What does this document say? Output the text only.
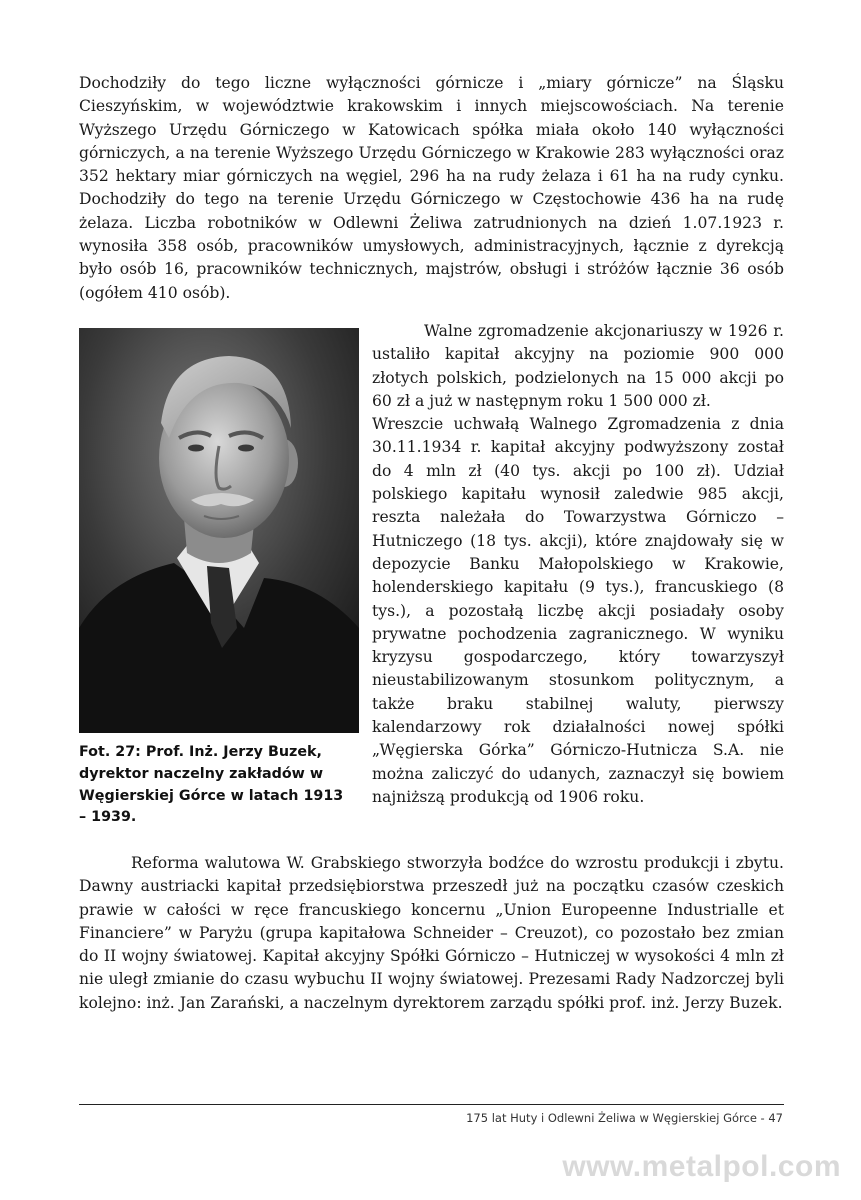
Dochodziły do tego liczne wyłączności górnicze i „miary górnicze” na Śląsku Cieszyńskim, w województwie krakowskim i innych miejscowościach. Na terenie Wyższego Urzędu Górniczego w Katowicach spółka miała około 140 wyłączności górniczych, a na terenie Wyższego Urzędu Górniczego w Krakowie 283 wyłączności oraz 352 hektary miar górniczych na węgiel, 296 ha na rudy żelaza i 61 ha na rudy cynku. Dochodziły do tego na terenie Urzędu Górniczego w Częstochowie 436 ha na rudę żelaza. Liczba robotników w Odlewni Żeliwa zatrudnionych na dzień 1.07.1923 r. wynosiła 358 osób, pracowników umysłowych, administracyjnych, łącznie z dyrekcją było osób 16, pracowników technicznych, majstrów, obsługi i stróżów łącznie 36 osób (ogółem 410 osób).

Fot. 27: Prof. Inż. Jerzy Buzek, dyrektor naczelny zakładów w Węgierskiej Górce w latach 1913 – 1939.

Walne zgromadzenie akcjonariuszy w 1926 r. ustaliło kapitał akcyjny na poziomie 900 000 złotych polskich, podzielonych na 15 000 akcji po 60 zł a już w następnym roku 1 500 000 zł.

Wreszcie uchwałą Walnego Zgromadzenia z dnia 30.11.1934 r. kapitał akcyjny podwyższony został do 4 mln zł (40 tys. akcji po 100 zł). Udział polskiego kapitału wynosił zaledwie 985 akcji, reszta należała do Towarzystwa Górniczo – Hutniczego (18 tys. akcji), które znajdowały się w depozycie Banku Małopolskiego w Krakowie, holenderskiego kapitału (9 tys.), francuskiego (8 tys.), a pozostałą liczbę akcji posiadały osoby prywatne pochodzenia zagranicznego. W wyniku kryzysu gospodarczego, który towarzyszył nieustabilizowanym stosunkom politycznym, a także braku stabilnej waluty, pierwszy kalendarzowy rok działalności nowej spółki „Węgierska Górka” Górniczo-Hutnicza S.A. nie można zaliczyć do udanych, zaznaczył się bowiem najniższą produkcją od 1906 roku.

Reforma walutowa W. Grabskiego stworzyła bodźce do wzrostu produkcji i zbytu. Dawny austriacki kapitał przedsiębiorstwa przeszedł już na początku czasów czeskich prawie w całości w ręce francuskiego koncernu „Union Europeenne Industrialle et Financiere” w Paryżu (grupa kapitałowa Schneider – Creuzot), co pozostało bez zmian do II wojny światowej. Kapitał akcyjny Spółki Górniczo – Hutniczej w wysokości 4 mln zł nie uległ zmianie do czasu wybuchu II wojny światowej. Prezesami Rady Nadzorczej byli kolejno: inż. Jan Zarański, a naczelnym dyrektorem zarządu spółki prof. inż. Jerzy Buzek.

175 lat Huty i Odlewni Żeliwa w Węgierskiej Górce - 47
www.metalpol.com
